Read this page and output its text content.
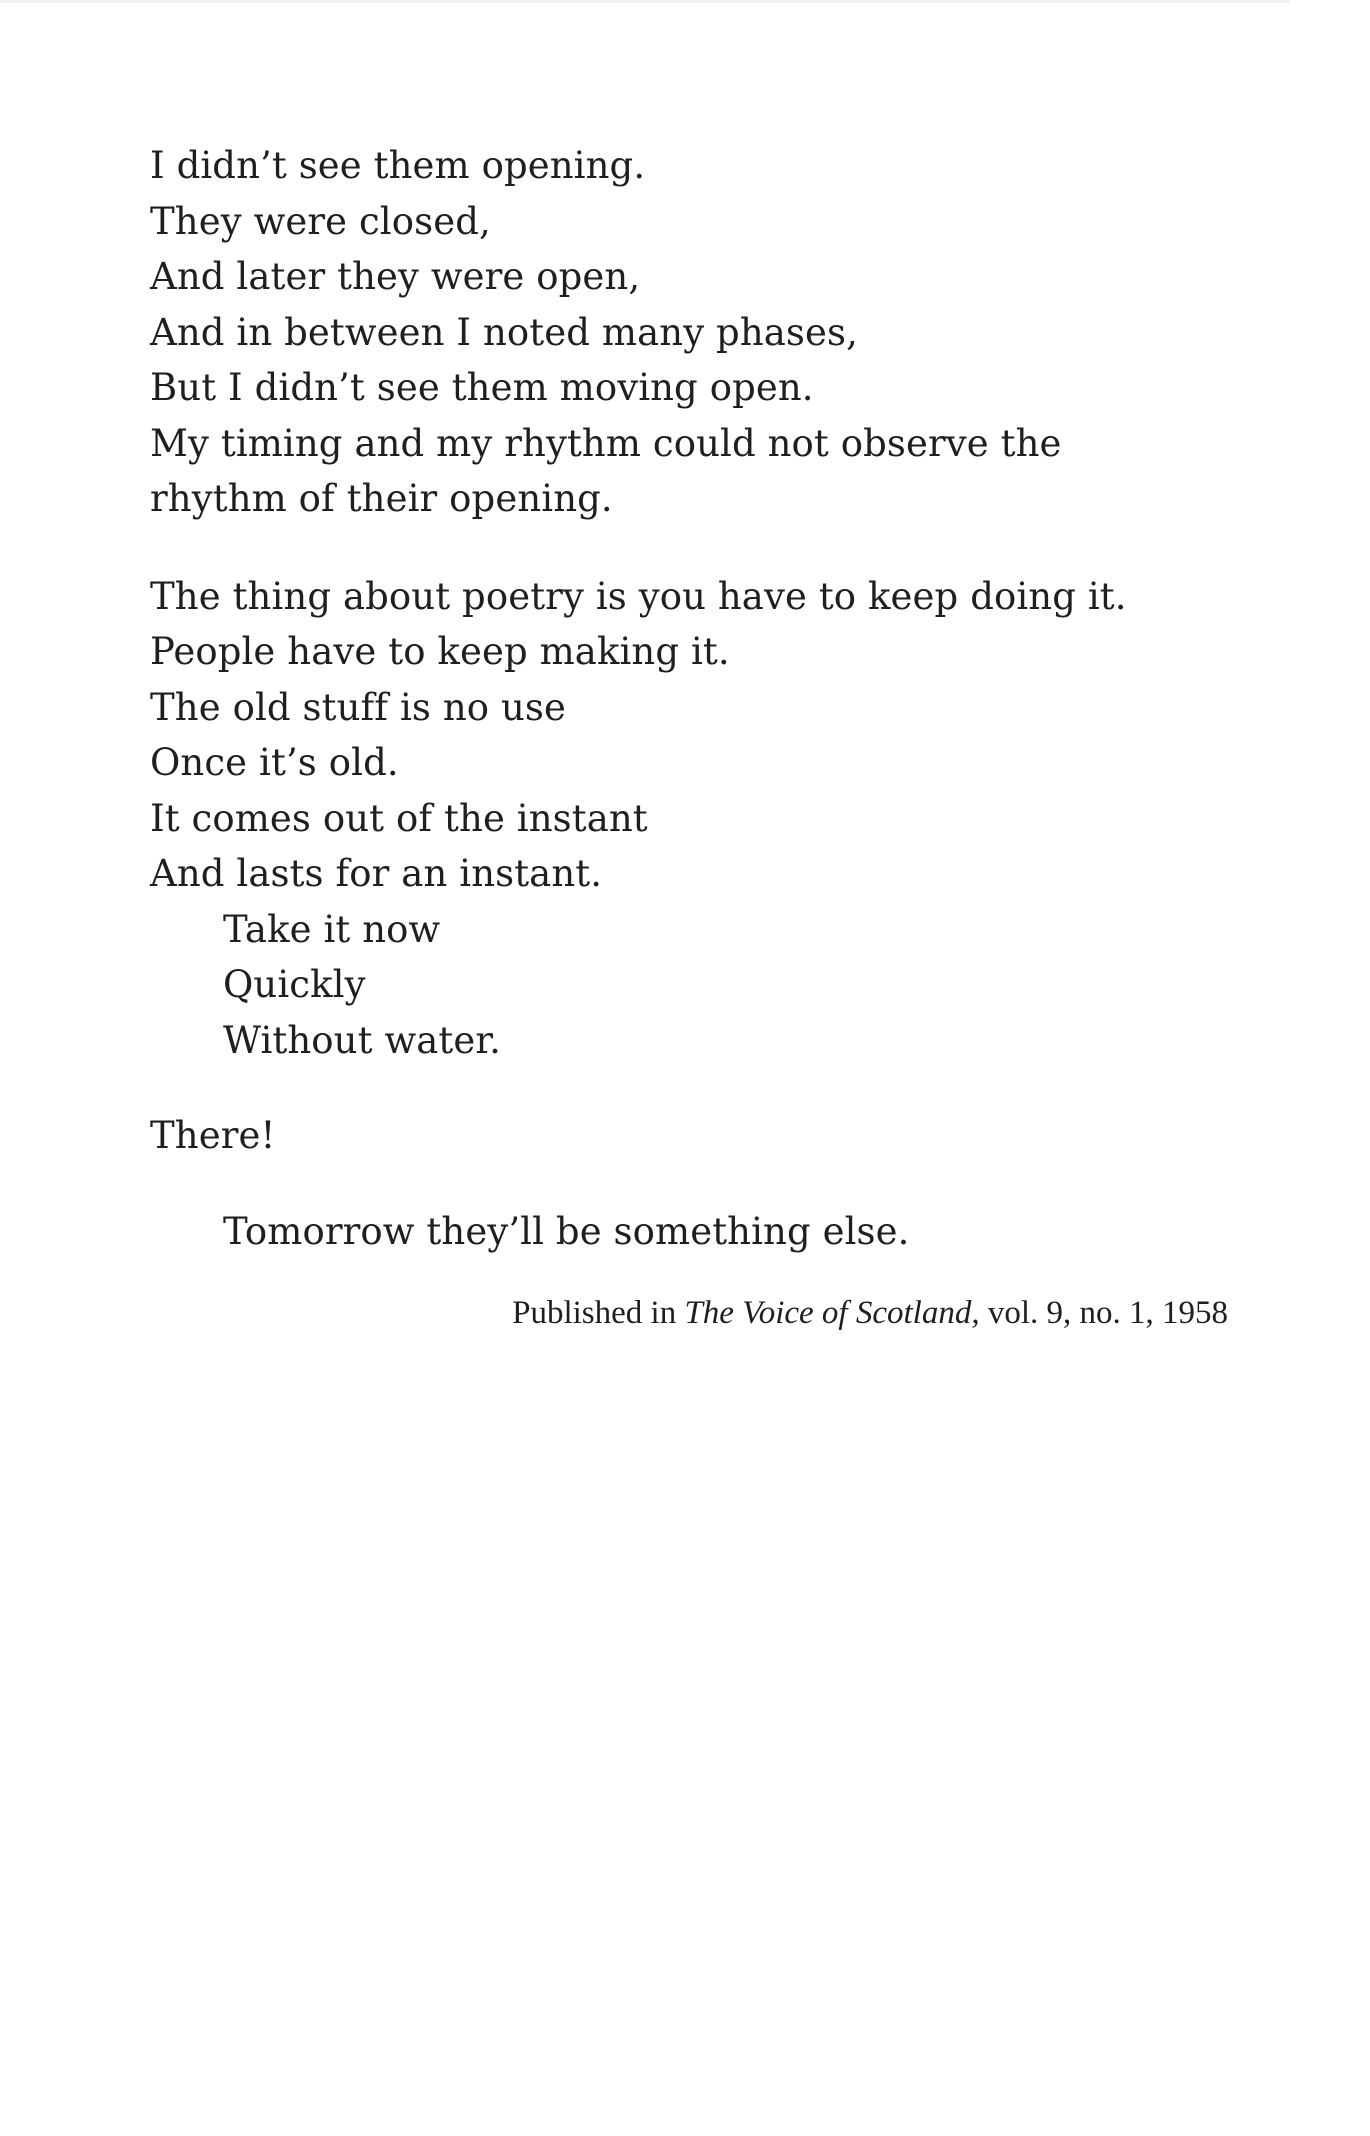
I didn’t see them opening.
They were closed,
And later they were open,
And in between I noted many phases,
But I didn’t see them moving open.
My timing and my rhythm could not observe the
rhythm of their opening.
The thing about poetry is you have to keep doing it.
People have to keep making it.
The old stuff is no use
Once it’s old.
It comes out of the instant
And lasts for an instant.
Take it now
Quickly
Without water.
There!
Tomorrow they’ll be something else.
Published in The Voice of Scotland, vol. 9, no. 1, 1958
